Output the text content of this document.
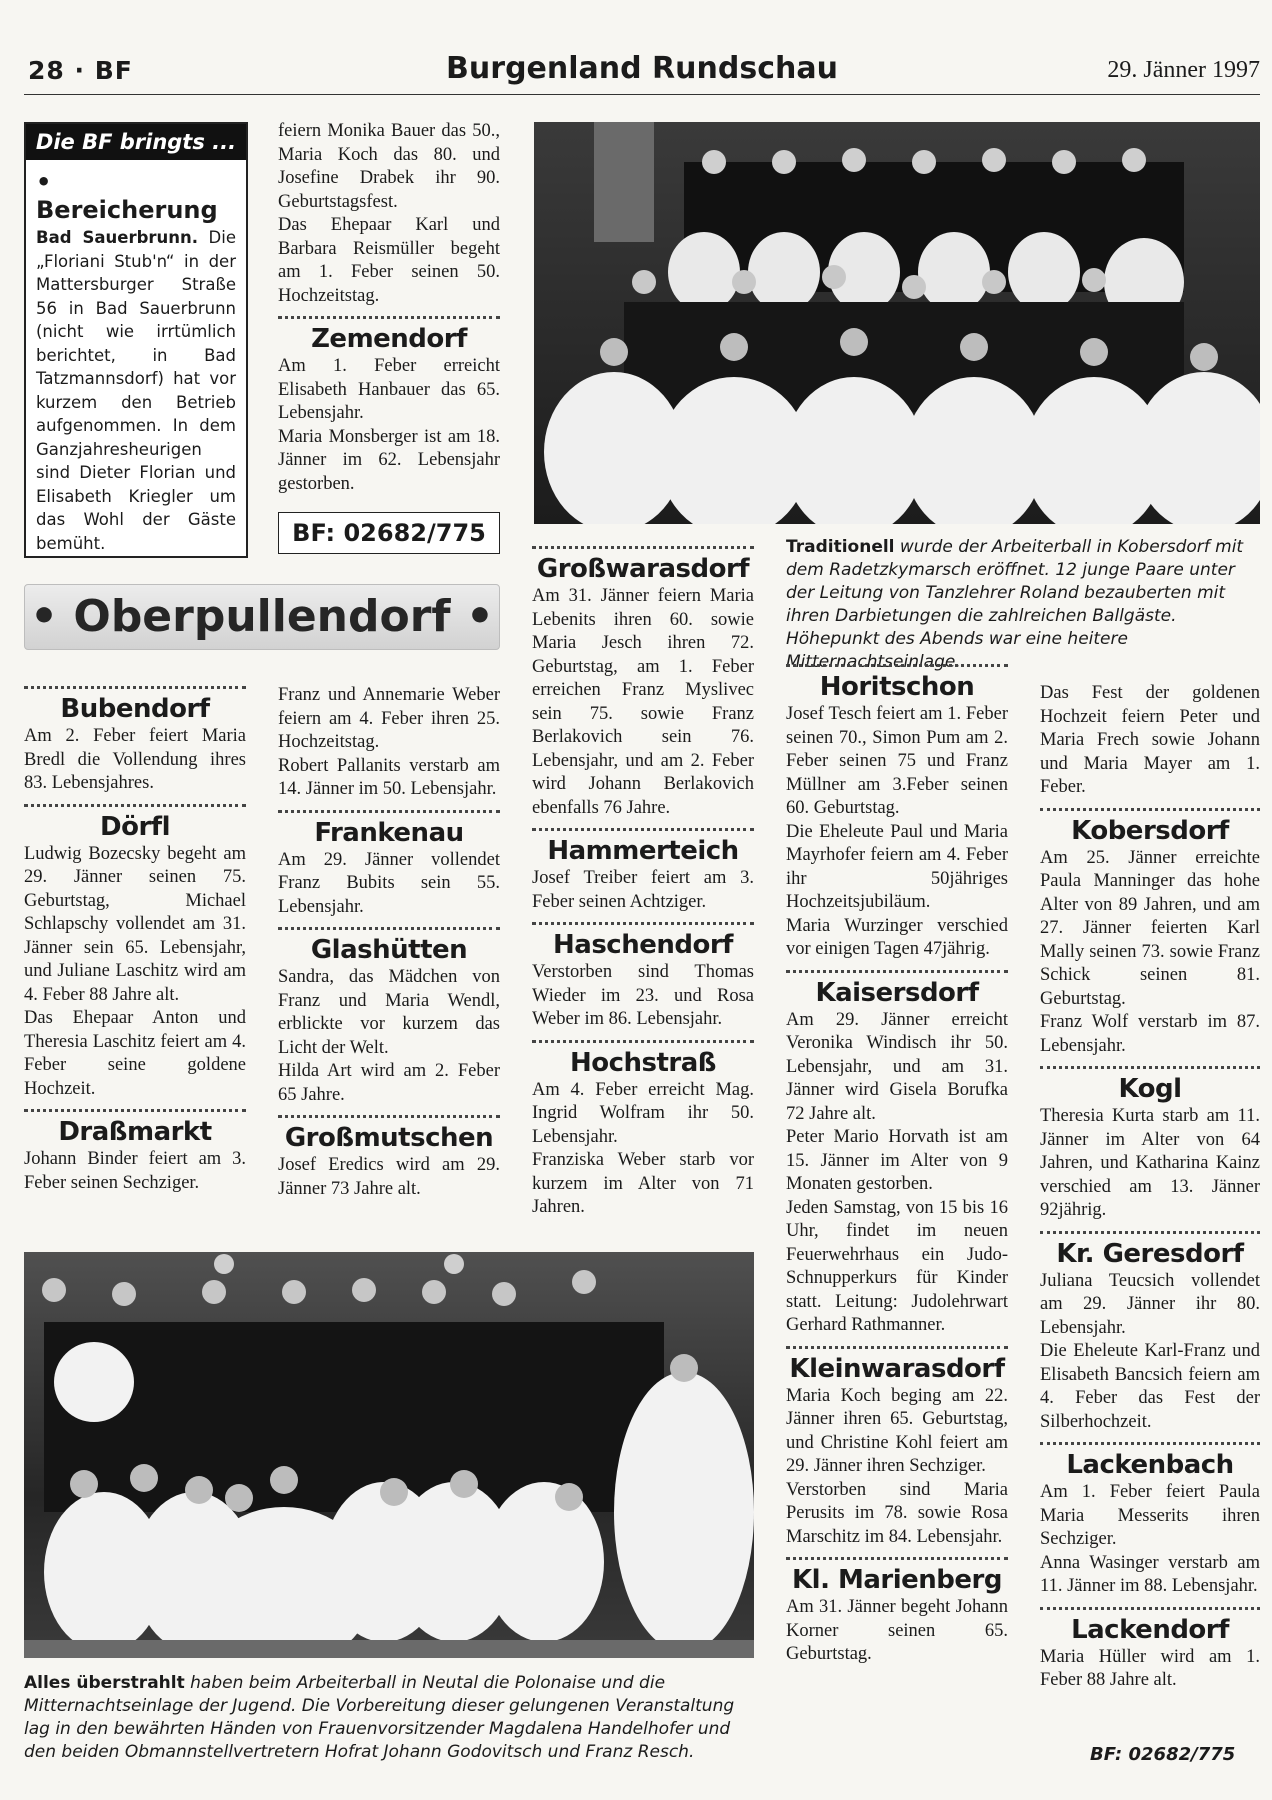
28 · BF	Burgenland Rundschau	29. Jänner 1997
Die BF bringts ...
• Bereicherung

Bad Sauerbrunn. Die „Floriani Stub'n“ in der Mattersburger Straße 56 in Bad Sauerbrunn (nicht wie irrtümlich berichtet, in Bad Tatzmannsdorf) hat vor kurzem den Betrieb aufgenommen. In dem Ganzjahresheurigen sind Dieter Florian und Elisabeth Kriegler um das Wohl der Gäste bemüht.

feiern Monika Bauer das 50., Maria Koch das 80. und Josefine Drabek ihr 90. Geburtstagsfest.

Das Ehepaar Karl und Barbara Reismüller begeht am 1. Feber seinen 50. Hochzeitstag.

Zemendorf

Am 1. Feber erreicht Elisabeth Hanbauer das 65. Lebensjahr.

Maria Monsberger ist am 18. Jänner im 62. Lebensjahr gestorben.

BF: 02682/775
• Oberpullendorf •

Traditionell wurde der Arbeiterball in Kobersdorf mit dem Radetzkymarsch eröffnet. 12 junge Paare unter der Leitung von Tanzlehrer Roland bezauberten mit ihren Darbietungen die zahlreichen Ballgäste. Höhepunkt des Abends war eine heitere Mitternachtseinlage.

Bubendorf

Am 2. Feber feiert Maria Bredl die Vollendung ihres 83. Lebensjahres.

Dörfl

Ludwig Bozecsky begeht am 29. Jänner seinen 75. Geburtstag, Michael Schlapschy vollendet am 31. Jänner sein 65. Lebensjahr, und Juliane Laschitz wird am 4. Feber 88 Jahre alt.

Das Ehepaar Anton und Theresia Laschitz feiert am 4. Feber seine goldene Hochzeit.

Draßmarkt

Johann Binder feiert am 3. Feber seinen Sechziger.

Franz und Annemarie Weber feiern am 4. Feber ihren 25. Hochzeitstag.

Robert Pallanits verstarb am 14. Jänner im 50. Lebensjahr.

Frankenau

Am 29. Jänner vollendet Franz Bubits sein 55. Lebensjahr.

Glashütten

Sandra, das Mädchen von Franz und Maria Wendl, erblickte vor kurzem das Licht der Welt.

Hilda Art wird am 2. Feber 65 Jahre.

Großmutschen

Josef Eredics wird am 29. Jänner 73 Jahre alt.

Großwarasdorf

Am 31. Jänner feiern Maria Lebenits ihren 60. sowie Maria Jesch ihren 72. Geburtstag, am 1. Feber erreichen Franz Myslivec sein 75. sowie Franz Berlakovich sein 76. Lebensjahr, und am 2. Feber wird Johann Berlakovich ebenfalls 76 Jahre.

Hammerteich

Josef Treiber feiert am 3. Feber seinen Achtziger.

Haschendorf

Verstorben sind Thomas Wieder im 23. und Rosa Weber im 86. Lebensjahr.

Hochstraß

Am 4. Feber erreicht Mag. Ingrid Wolfram ihr 50. Lebensjahr.

Franziska Weber starb vor kurzem im Alter von 71 Jahren.

Horitschon

Josef Tesch feiert am 1. Feber seinen 70., Simon Pum am 2. Feber seinen 75 und Franz Müllner am 3.Feber seinen 60. Geburtstag.

Die Eheleute Paul und Maria Mayrhofer feiern am 4. Feber ihr 50jähriges Hochzeitsjubiläum.

Maria Wurzinger verschied vor einigen Tagen 47jährig.

Kaisersdorf

Am 29. Jänner erreicht Veronika Windisch ihr 50. Lebensjahr, und am 31. Jänner wird Gisela Borufka 72 Jahre alt.

Peter Mario Horvath ist am 15. Jänner im Alter von 9 Monaten gestorben.

Jeden Samstag, von 15 bis 16 Uhr, findet im neuen Feuerwehrhaus ein Judo-Schnupperkurs für Kinder statt. Leitung: Judolehrwart Gerhard Rathmanner.

Kleinwarasdorf

Maria Koch beging am 22. Jänner ihren 65. Geburtstag, und Christine Kohl feiert am 29. Jänner ihren Sechziger.

Verstorben sind Maria Perusits im 78. sowie Rosa Marschitz im 84. Lebensjahr.

Kl. Marienberg

Am 31. Jänner begeht Johann Korner seinen 65. Geburtstag.

Das Fest der goldenen Hochzeit feiern Peter und Maria Frech sowie Johann und Maria Mayer am 1. Feber.

Kobersdorf

Am 25. Jänner erreichte Paula Manninger das hohe Alter von 89 Jahren, und am 27. Jänner feierten Karl Mally seinen 73. sowie Franz Schick seinen 81. Geburtstag.

Franz Wolf verstarb im 87. Lebensjahr.

Kogl

Theresia Kurta starb am 11. Jänner im Alter von 64 Jahren, und Katharina Kainz verschied am 13. Jänner 92jährig.

Kr. Geresdorf

Juliana Teucsich vollendet am 29. Jänner ihr 80. Lebensjahr.

Die Eheleute Karl-Franz und Elisabeth Bancsich feiern am 4. Feber das Fest der Silberhochzeit.

Lackenbach

Am 1. Feber feiert Paula Maria Messerits ihren Sechziger.

Anna Wasinger verstarb am 11. Jänner im 88. Lebensjahr.

Lackendorf

Maria Hüller wird am 1. Feber 88 Jahre alt.

Alles überstrahlt haben beim Arbeiterball in Neutal die Polonaise und die Mitternachtseinlage der Jugend. Die Vorbereitung dieser gelungenen Veranstaltung lag in den bewährten Händen von Frauenvorsitzender Magdalena Handelhofer und den beiden Obmannstellvertretern Hofrat Johann Godovitsch und Franz Resch.	BF: 02682/775
